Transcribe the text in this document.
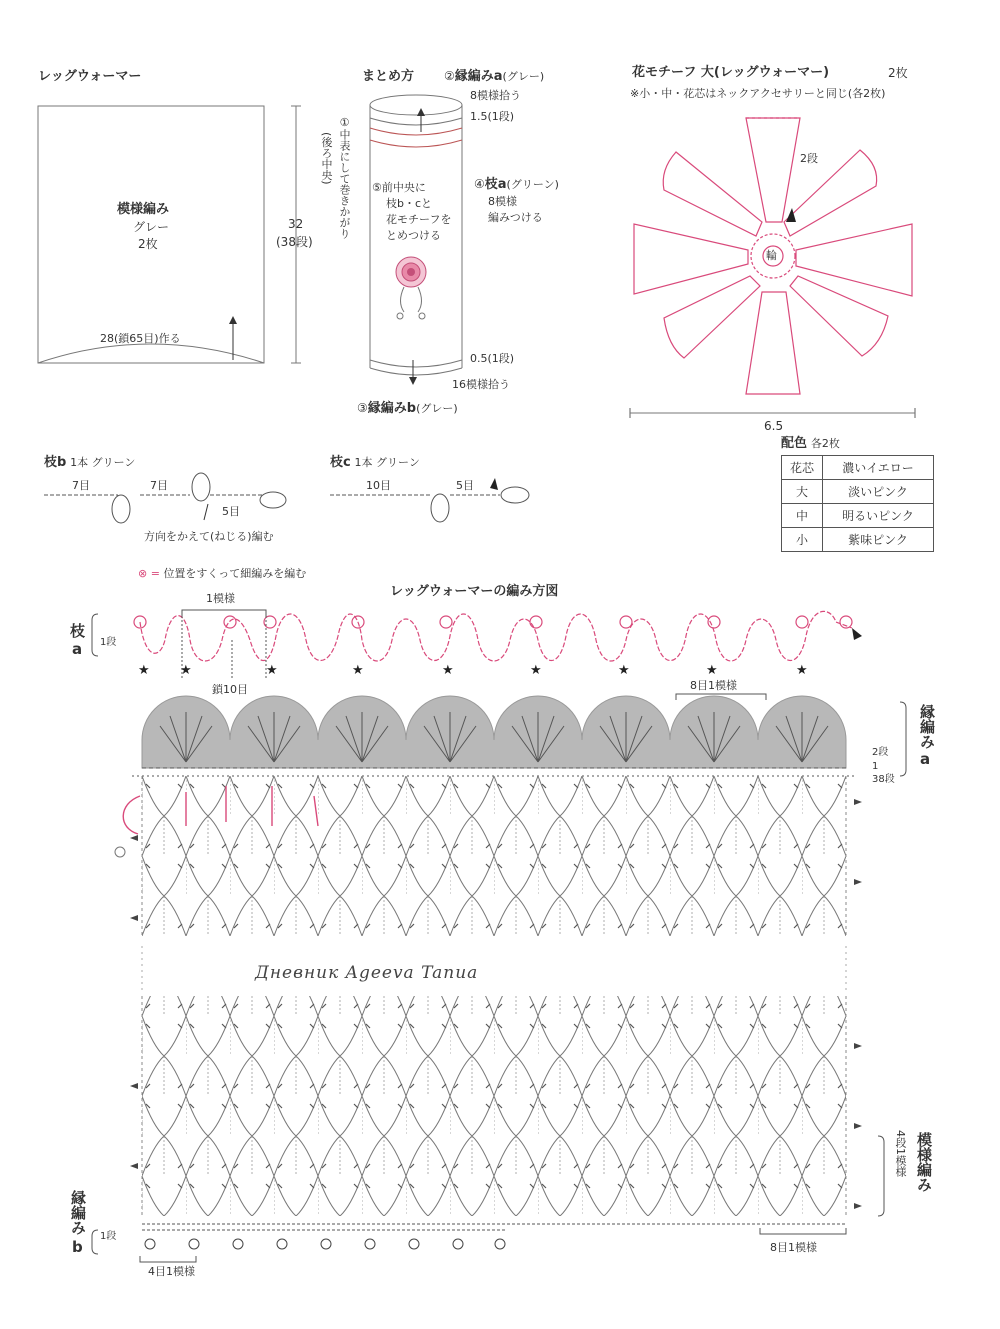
★ ★	★	★	★	★	★	★	★
レッグウォーマー
模様編み
グレー
2枚
28(鎖65目)作る
32
(38段)
まとめ方 ②縁編みa(グレー)
8模様拾う
1.5(1段)
①中表にして巻きかがり
(後ろ中央)
⑤前中央に
枝b・cと
花モチーフを
とめつける
④枝a(グリーン)
8模様
編みつける
0.5(1段)
16模様拾う
③縁編みb(グレー)
花モチーフ 大(レッグウォーマー)	2枚
※小・中・花芯はネックアクセサリーと同じ(各2枚)
2段
輪
6.5
配色 各2枚
花芯	濃いイエロー
大	淡いピンク
中	明るいピンク
小	紫味ピンク
枝b 1本 グリーン
7目	7目
5目
方向をかえて(ねじる)編む
枝c 1本 グリーン
10目	5目
⊗ = 位置をすくって細編みを編む
レッグウォーマーの編み方図
枝
a 1段
1模様
鎖10目	8目1模様
縁編み
a
2段
1
38段
模様編み
4段1模様
縁編み
b
1段
4目1模様
8目1模様
Дневник Ageeva Tanua
